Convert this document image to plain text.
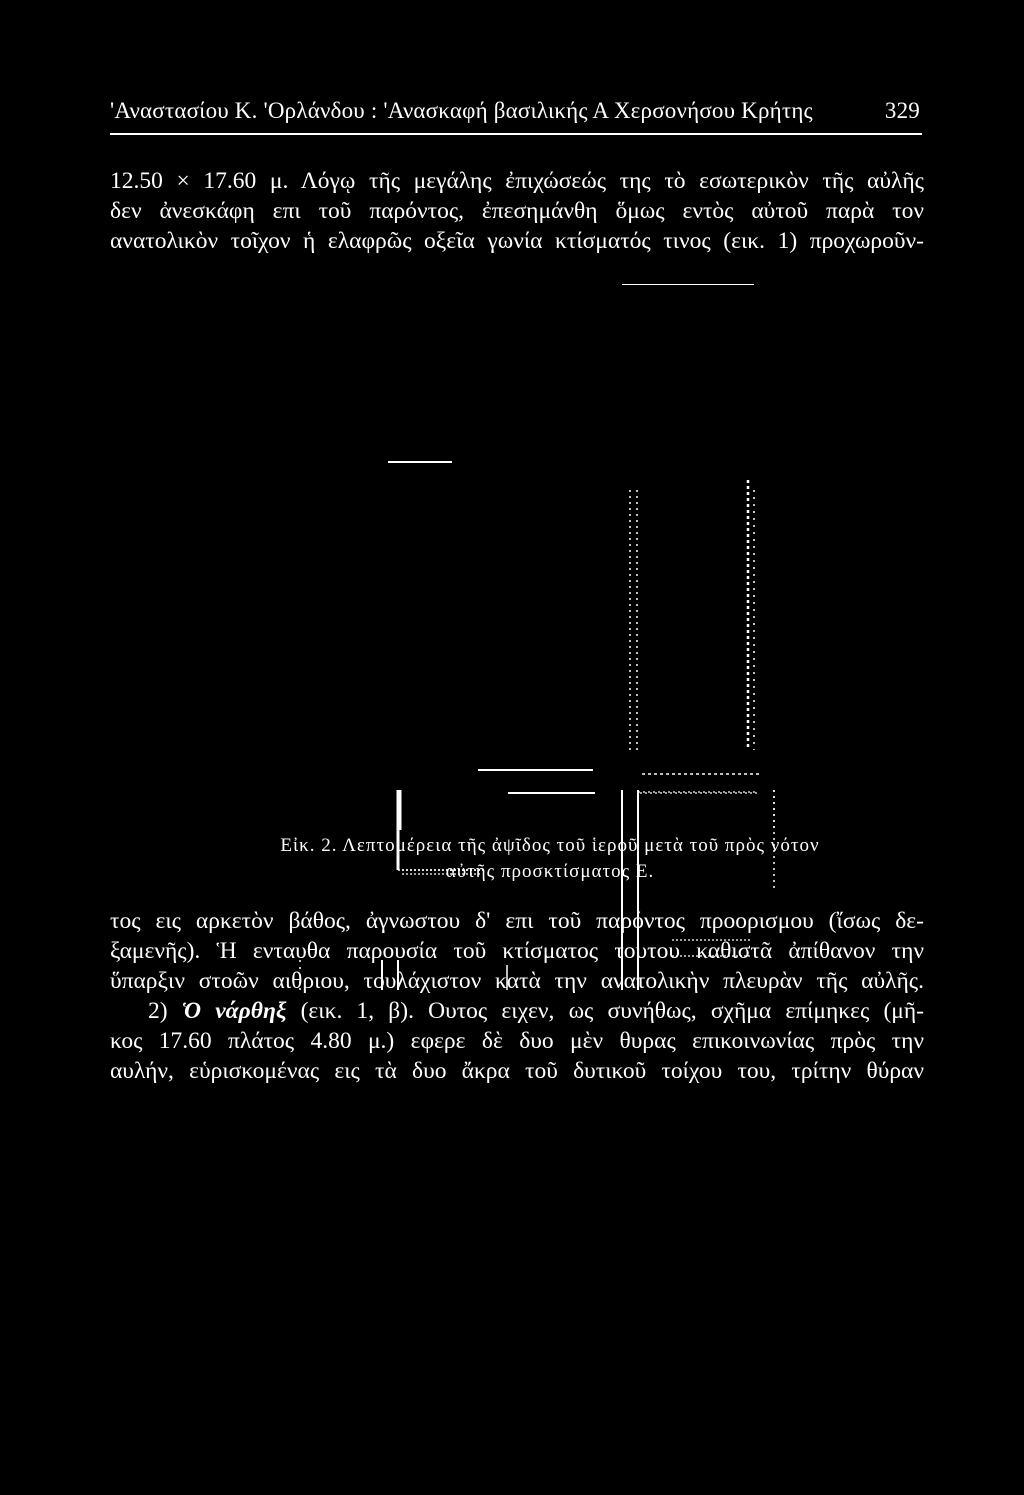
'Αναστασίου Κ. 'Ορλάνδου : 'Ανασκαφή βασιλικής Α Χερσονήσου Κρήτης	329
12.50 × 17.60 μ. Λόγῳ τῆς μεγάλης ἐπιχώσεώς της τὸ εσωτερικὸν τῆς αὐλῆς
δεν ἀνεσκάφη επι τοῦ παρόντος, ἐπεσημάνθη ὅμως εντὸς αὐτοῦ παρὰ τον
ανατολικὸν τοῖχον ἡ ελαφρῶς οξεῖα γωνία κτίσματός τινος (εικ. 1) προχωροῦν-
Εἰκ. 2. Λεπτομέρεια τῆς ἀψῖδος τοῦ ἱεροῦ μετὰ τοῦ πρὸς νότον
αὐτῆς προσκτίσματος Ε.
τος εις αρκετὸν βάθος, ἀγνωστου δ' επι τοῦ παρόντος προορισμου (ἴσως δε-
ξαμενῆς). Ἡ ενταυθα παρουσία τοῦ κτίσματος τουτου καθιστᾶ ἀπίθανον την
ὕπαρξιν στοῶν αιθριου, τουλάχιστον κατὰ την ανατολικὴν πλευρὰν τῆς αὐλῆς.
2) Ὁ νάρθηξ (εικ. 1, β). Ουτος ειχεν, ως συνήθως, σχῆμα επίμηκες (μῆ-
κος 17.60 πλάτος 4.80 μ.) εφερε δὲ δυο μὲν θυρας επικοινωνίας πρὸς την
αυλήν, εὑρισκομένας εις τὰ δυο ἄκρα τοῦ δυτικοῦ τοίχου του, τρίτην θύραν
